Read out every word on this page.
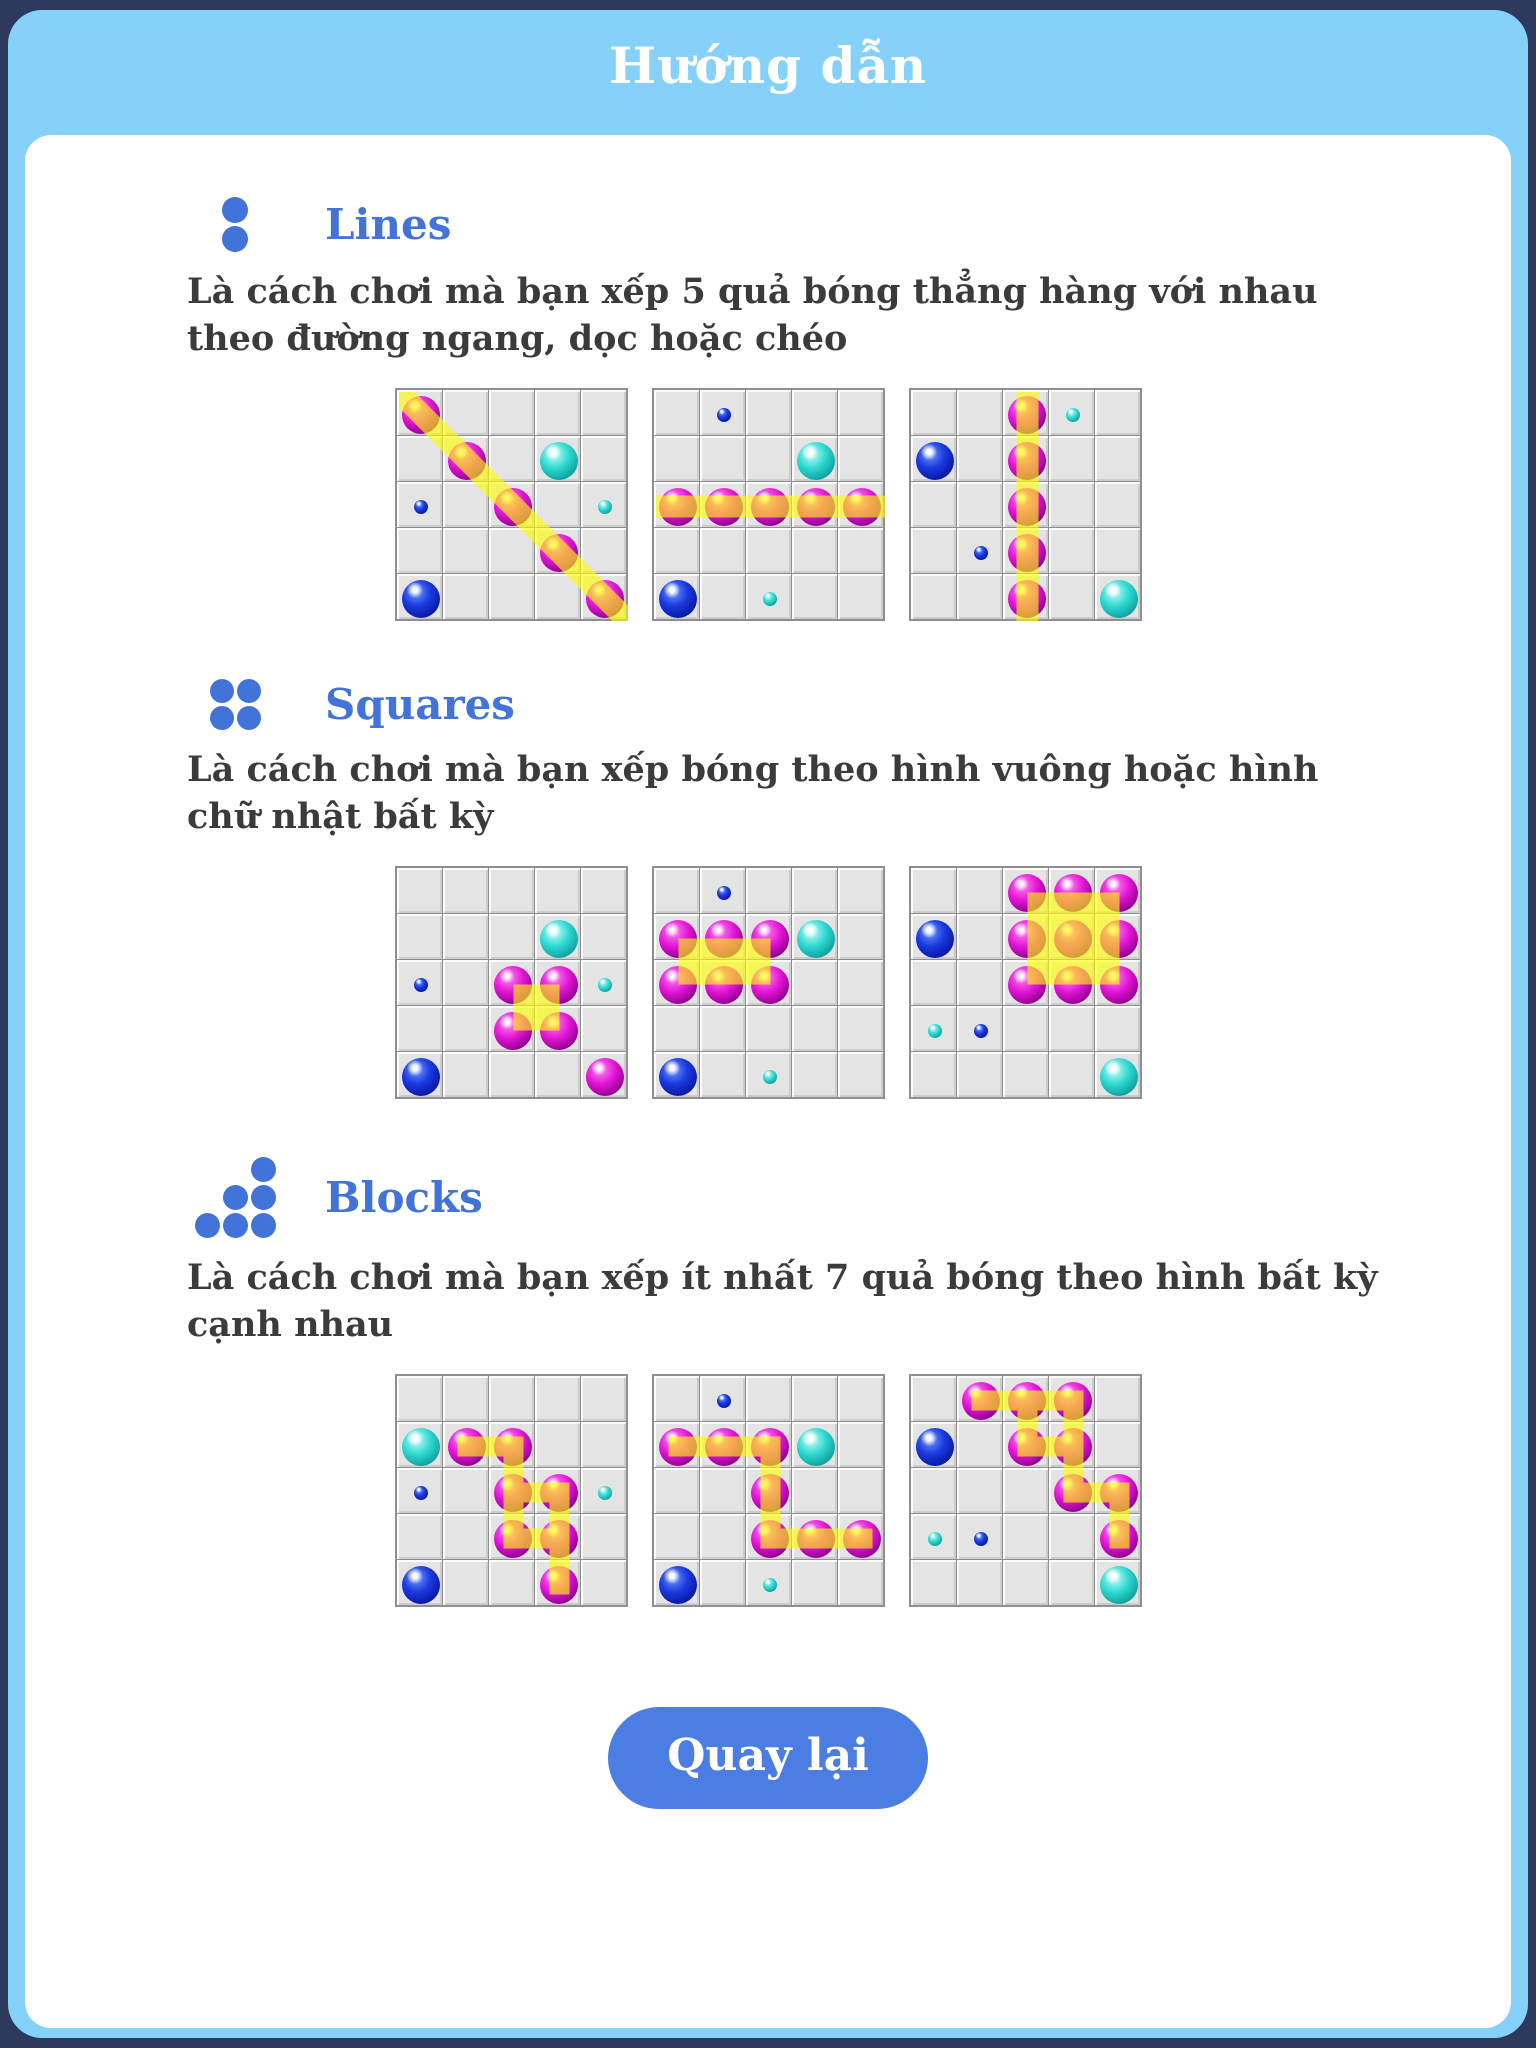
Hướng dẫn
Lines

Là cách chơi mà bạn xếp 5 quả bóng thẳng hàng với nhau theo đường ngang, dọc hoặc chéo

Squares

Là cách chơi mà bạn xếp bóng theo hình vuông hoặc hình chữ nhật bất kỳ

Blocks

Là cách chơi mà bạn xếp ít nhất 7 quả bóng theo hình bất kỳ cạnh nhau

Quay lại
